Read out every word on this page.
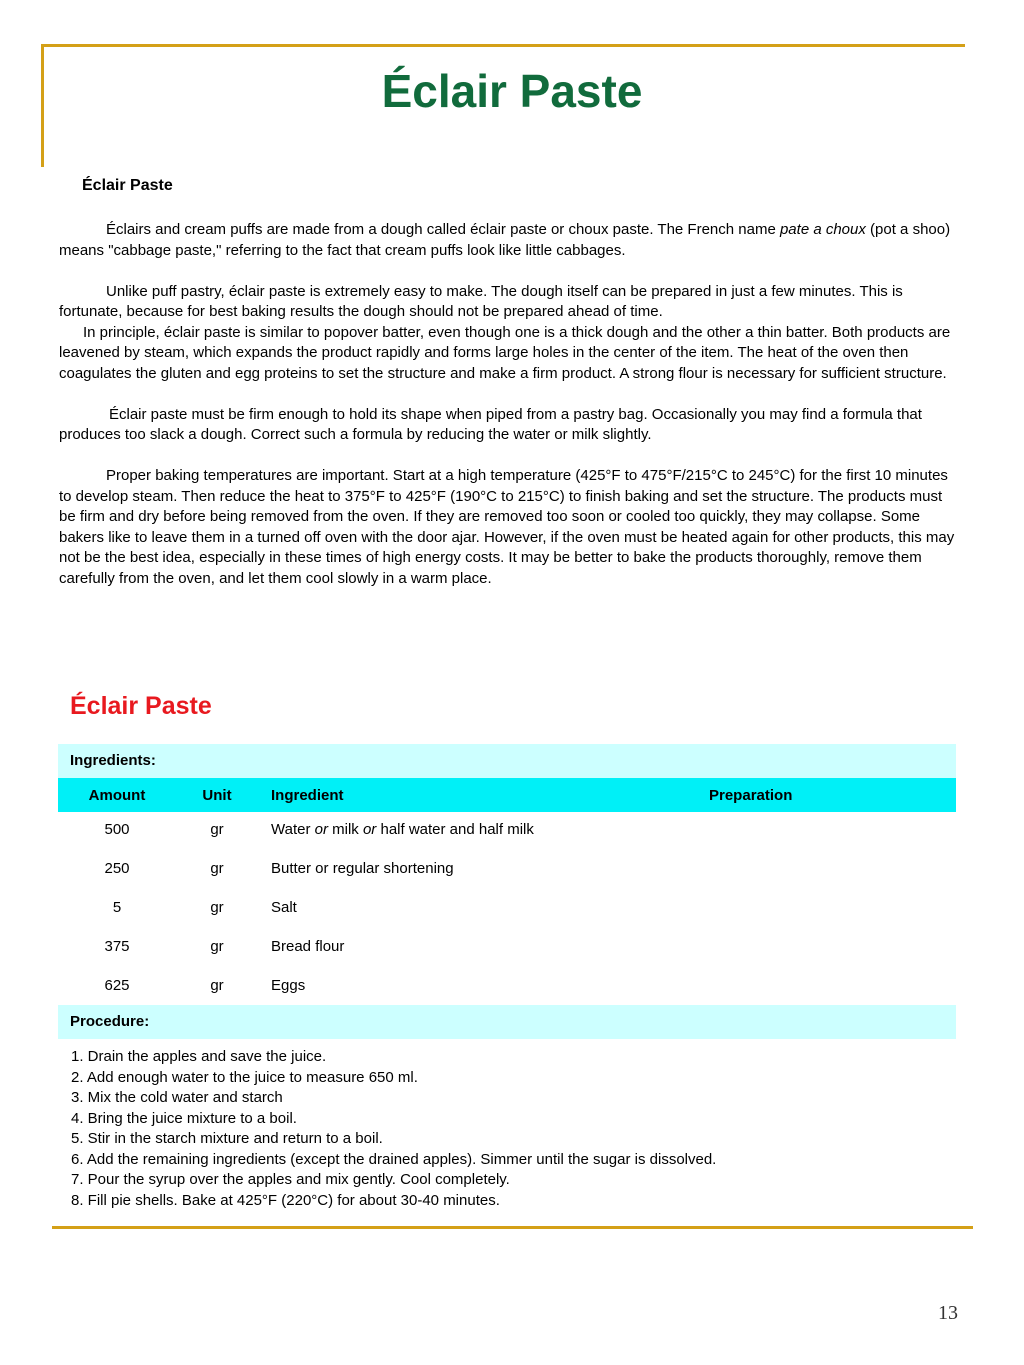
Éclair Paste
Éclair Paste

Éclairs and cream puffs are made from a dough called éclair paste or choux paste. The French name pate a choux (pot a shoo) means "cabbage paste," referring to the fact that cream puffs look like little cabbages.

Unlike puff pastry, éclair paste is extremely easy to make. The dough itself can be prepared in just a few minutes. This is fortunate, because for best baking results the dough should not be prepared ahead of time.

In principle, éclair paste is similar to popover batter, even though one is a thick dough and the other a thin batter. Both products are leavened by steam, which expands the product rapidly and forms large holes in the center of the item. The heat of the oven then coagulates the gluten and egg proteins to set the structure and make a firm product. A strong flour is necessary for sufficient structure.

Éclair paste must be firm enough to hold its shape when piped from a pastry bag. Occasionally you may find a formula that produces too slack a dough. Correct such a formula by reducing the water or milk slightly.

Proper baking temperatures are important. Start at a high temperature (425°F to 475°F/215°C to 245°C) for the first 10 minutes to develop steam. Then reduce the heat to 375°F to 425°F (190°C to 215°C) to finish baking and set the structure. The products must be firm and dry before being removed from the oven. If they are removed too soon or cooled too quickly, they may collapse. Some bakers like to leave them in a turned off oven with the door ajar. However, if the oven must be heated again for other products, this may not be the best idea, especially in these times of high energy costs. It may be better to bake the products thoroughly, remove them carefully from the oven, and let them cool slowly in a warm place.

Éclair Paste
Ingredients:
Amount	Unit	Ingredient	Preparation
500	gr	Water or milk or half water and half milk
250	gr	Butter or regular shortening
5	gr	Salt
375	gr	Bread flour
625	gr	Eggs
Procedure:
1. Drain the apples and save the juice.
2. Add enough water to the juice to measure 650 ml.
3. Mix the cold water and starch
4. Bring the juice mixture to a boil.
5. Stir in the starch mixture and return to a boil.
6. Add the remaining ingredients (except the drained apples). Simmer until the sugar is dissolved.
7. Pour the syrup over the apples and mix gently. Cool completely.
8. Fill pie shells. Bake at 425°F (220°C) for about 30-40 minutes.
13
